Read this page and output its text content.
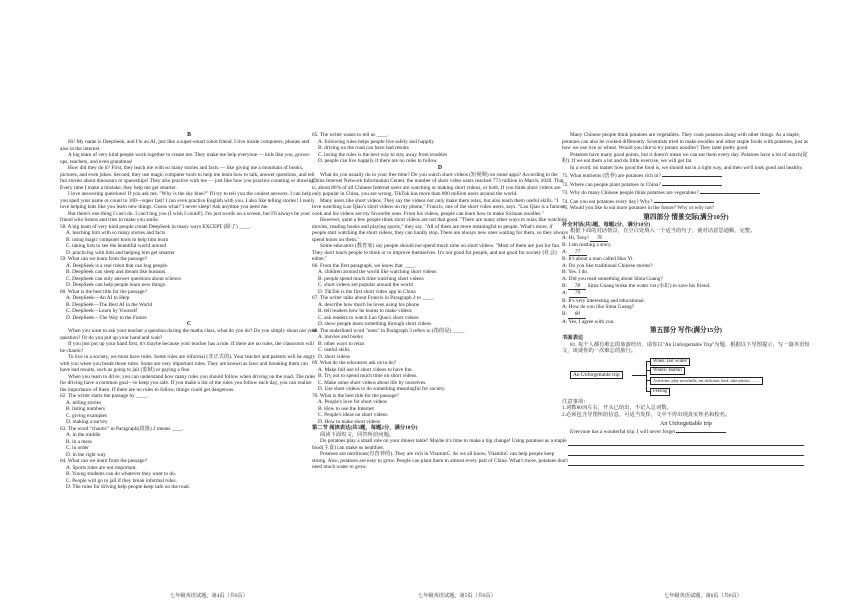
B

Hi! My name is DeepSeek, and I'm an AI, just like a super-smart robot friend. I live inside computers, phones and also in the internet.

A big team of very kind people work together to create me. They make me help everyone — kids like you, grown-ups, teachers, and even grandmas!

How did they do it? First, they teach me with so many stories and facts — like giving me a mountain of books, pictures, and even jokes. Second, they use magic computer tools to help me learn how to talk, answer questions, and tell fun stories about dinosaurs or spaceships! They also practice with me — just like how you practice counting or drawing! Every time I make a mistake, they help me get smarter.

I love answering questions! If you ask me, "Why is the sky blue?" I'll try to tell you the coolest answers. I can help you spell your name or count to 100—super fast! I can even practice English with you. I also like telling stories! I really love helping kids like you learn new things. Guess what? I never sleep! Ask anytime you need me.

But there's one thing I can't do. I can't hug you (I wish I could!). I'm just words on a screen, but I'll always be your friend who listens and tries to make you smile.

58. A big team of very kind people create DeepSeek in many ways EXCEPT (除了) ____.

A. teaching him with so many stories and facts

B. using magic computer tools to help him learn

C. taking him to see the beautiful world around

D. practicing with him and helping him get smarter

59. What can we learn from the passage?

A. DeepSeek is a real robot that can hug people.

B. DeepSeek can sleep and dream like humans.

C. DeepSeek can only answer questions about science.

D. DeepSeek can help people learn new things.

60. What is the best title for the passage?

A. DeepSeek—An AI to Help

B. DeepSeek—The Best AI in the World

C. DeepSeek—Learn by Yourself

D. DeepSeek—The Way to the Future

C

When you want to ask your teacher a question during the maths class, what do you do? Do you simply shout out your question? Or do you put up your hand and wait?

If you just put up your hand first, it's maybe because your teacher has a rule. If there are no rules, the classroom will be chaotic!

To live in a society, we must have rules. Some rules are informal (非正式的). Your teacher and parents will be angry with you when you break those rules. Some are very important rules. They are known as laws and breaking them can have bad results, such as going to jail (监狱) or paying a fine.

When you learn to drive, you can understand how many rules you should follow when driving on the road. The rules for driving have a common goal—to keep you safe. If you make a list of the rules you follow each day, you can realize the importance of them. If there are no rules to follow, things could get dangerous.

62. The writer starts the passage by ____.

A. telling stories

B. listing numbers

C. giving examples

D. making a survey

63. The word "chaotic" in Paragraph(段落) 2 means ____.

A. in the middle

B. in a mess

C. in order

D. in the right way

64. What can we learn from the passage?

A. Sports rules are not important.

B. Young students can do whatever they want to do.

C. People will go to jail if they break informal rules.

D. The rules for driving help people keep safe on the road.

65. The writer wants to tell us ____.

A. following rules helps people live safely and happily

B. driving on the road can have bad results

C. losing the rules is the best way to stay away from troubles

D. people can live happily if there are no rules to follow

D

What do you usually do in your free time? Do you watch short videos (短视频) on some apps? According to the China Internet Network Information Center, the number of short video users reached 773 million in March, 2020. That is, about 86% of all Chinese Internet users are watching or making short videos, or both. If you think short videos are only popular in China, you are wrong. TikTok has more than 800 million users around the world.

Many users like short videos. They say the videos not only make them relax, but also teach them useful skills. "I love watching Lao Qiao's short videos on my phone," Francis, one of the short video users, says. "Lao Qiao is a famous cook and his videos are my favourite ones. From his videos, people can learn how to make Sichuan noodles."

However, quite a few people think short videos are not that good. "There are many other ways to relax like watching movies, reading books and playing sports," they say. "All of them are more meaningful to people. What's more, if people start watching the short videos, they can hardly stop. There are always new ones waiting for them, so they always spend hours on them."

Some educators (教育家) say people should not spend much time on short videos. "Most of them are just for fun. They don't teach people to think or to improve themselves. It's not good for people, and not good for society (社会) either."

66. From the first paragraph, we know that ____.

A. children around the world like watching short videos

B. people spend much time watching short videos

C. short videos are popular around the world

D. TikTok is the first short video app in China

67. The writer talks about Francis in Paragraph 2 to ____.

A. describe how much he loves using his phone

B. tell readers how he learns to make videos

C. ask readers to watch Lao Qiao's short videos

D. show people learn something through short videos

68. The underlined word "ones" in Paragraph 3 refers to (指的是) ____.

A. movies and books

B. other ways to relax

C. useful skills

D. short videos

69. What do the educators ask us to do?

A. Make full use of short videos to have fun.

B. Try not to spend much time on short videos.

C. Make some short videos about life by ourselves.

D. Use short videos to do something meaningful for society.

70. What is the best title for the passage?

A. People's love for short videos

B. How to use the Internet

C. People's ideas on short videos

D. How to make short videos

第二节 阅读表达(共5题，每题2分，满分10分)

阅读下面短文，回答所给问题。

Do potatoes play a small role on your dinner table? Maybe it's time to make a big change! Using potatoes as a staple food(主食) can make us healthier.

Potatoes are nutritious(有营养的). They are rich in VitaminC. As we all know, VitaminC can help people keep strong. Also, potatoes are easy to grow. People can plant them in almost every part of China. What's more, potatoes don't need much water to grow.

Many Chinese people think potatoes are vegetables. They cook potatoes along with other things. As a staple, potatoes can also be cooked differently. Scientists tried to make noodles and other staple foods with potatoes, just as how we use rice or wheat. Would you like to try potato noodles? They taste pretty good.

Potatoes have many good points, but it doesn't mean we can eat them every day. Potatoes have a lot of starch(淀粉). If we eat them a lot and do little exercise, we will get fat.

In a word, no matter how good the food is, we should eat in a right way, and then we'll look good and healthy.

71. What nutrients (营养) are potatoes rich in?

72. Where can people plant potatoes in China?

73. Why do many Chinese people think potatoes are vegetables?

74. Can you eat potatoes every day? Why?

75. Would you like to eat more potatoes in the future? Why or why not?

第四部分 情景交际(满分10分)

补全对话(共5题，每题2分，满分10分)

根据下面的对话情景，在空白处填入一个适当的句子，使对话意思通顺，完整。

A: Hi, Tony! 76

B: I am reading a story.

A: 77

B: It's about a man called Huo Yi.

A: Do you like traditional Chinese stories?

B: Yes. I do.

A: Did you read something about Sima Guang?

B: 78 Sima Guang broke the water vat (水缸) to save his friend.

A: 79

B: It's very interesting and educational.

A: How do you like Sima Guang?

B: 80

A: Yes, I agree with you.

第五部分 写作(满分15分)

书面表达

81. 每个人都有难忘的旅游经历，请你以"An Unforgettable Trip"为题，根据以下导图提示，写一篇英语短文，谈谈你的一次难忘的旅行。

An Unforgettable trip
When: last winter
Where: Harbin
Activities: play snowballs, eat delicious food, take photos, ……
Feeling

注意事项：

1.词数80词左右，开头已给出，不记入总词数。

2.必须包含导图所给信息，可适当发挥，文中不得出现真实姓名和校名。

An Unforgettable trip

Everyone has a wonderful trip. I will never forget

七年级英语试题，第4页（共6页）	七年级英语试题，第5页（共6页）	七年级英语试题，第6页（共6页）
